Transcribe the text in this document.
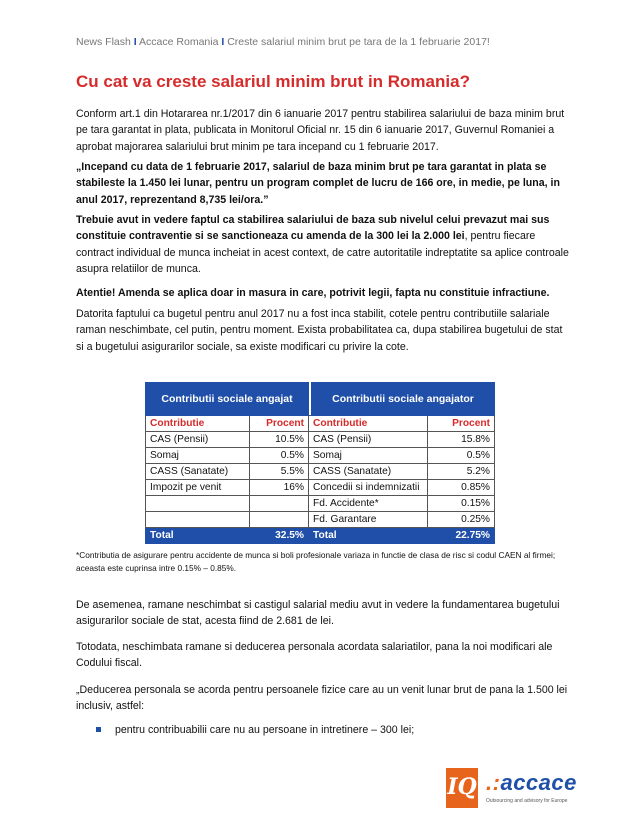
News Flash I Accace Romania I Creste salariul minim brut pe tara de la 1 februarie 2017!
Cu cat va creste salariul minim brut in Romania?

Conform art.1 din Hotararea nr.1/2017 din 6 ianuarie 2017 pentru stabilirea salariului de baza minim brut pe tara garantat in plata, publicata in Monitorul Oficial nr. 15 din 6 ianuarie 2017, Guvernul Romaniei a aprobat majorarea salariului brut minim pe tara incepand cu 1 februarie 2017.

„Incepand cu data de 1 februarie 2017, salariul de baza minim brut pe tara garantat in plata se stabileste la 1.450 lei lunar, pentru un program complet de lucru de 166 ore, in medie, pe luna, in anul 2017, reprezentand 8,735 lei/ora.”

Trebuie avut in vedere faptul ca stabilirea salariului de baza sub nivelul celui prevazut mai sus constituie contraventie si se sanctioneaza cu amenda de la 300 lei la 2.000 lei, pentru fiecare contract individual de munca incheiat in acest context, de catre autoritatile indreptatite sa aplice controale asupra relatiilor de munca.

Atentie! Amenda se aplica doar in masura in care, potrivit legii, fapta nu constituie infractiune.

Datorita faptului ca bugetul pentru anul 2017 nu a fost inca stabilit, cotele pentru contributiile salariale raman neschimbate, cel putin, pentru moment. Exista probabilitatea ca, dupa stabilirea bugetului de stat si a bugetului asigurarilor sociale, sa existe modificari cu privire la cote.

Contributii sociale angajat			Contributii sociale angajator	
Contributie	Procent	Contributie		Procent
CAS (Pensii)	10.5%	CAS (Pensii)		15.8%
Somaj	0.5%	Somaj		0.5%
CASS (Sanatate)	5.5%	CASS (Sanatate)		5.2%
Impozit pe venit	16%	Concedii si indemnizatii		0.85%
		Fd. Accidente*		0.15%
		Fd. Garantare		0.25%
Total	32.5%	Total		22.75%
*Contributia de asigurare pentru accidente de munca si boli profesionale variaza in functie de clasa de risc si codul CAEN al firmei; aceasta este cuprinsa intre 0.15% – 0.85%.

De asemenea, ramane neschimbat si castigul salarial mediu avut in vedere la fundamentarea bugetului asigurarilor sociale de stat, acesta fiind de 2.681 de lei.

Totodata, neschimbata ramane si deducerea personala acordata salariatilor, pana la noi modificari ale Codului fiscal.

„Deducerea personala se acorda pentru persoanele fizice care au un venit lunar brut de pana la 1.500 lei inclusiv, astfel:

pentru contribuabilii care nu au persoane in intretinere – 300 lei;
IQ .:accace
Outsourcing and advisory for Europe
